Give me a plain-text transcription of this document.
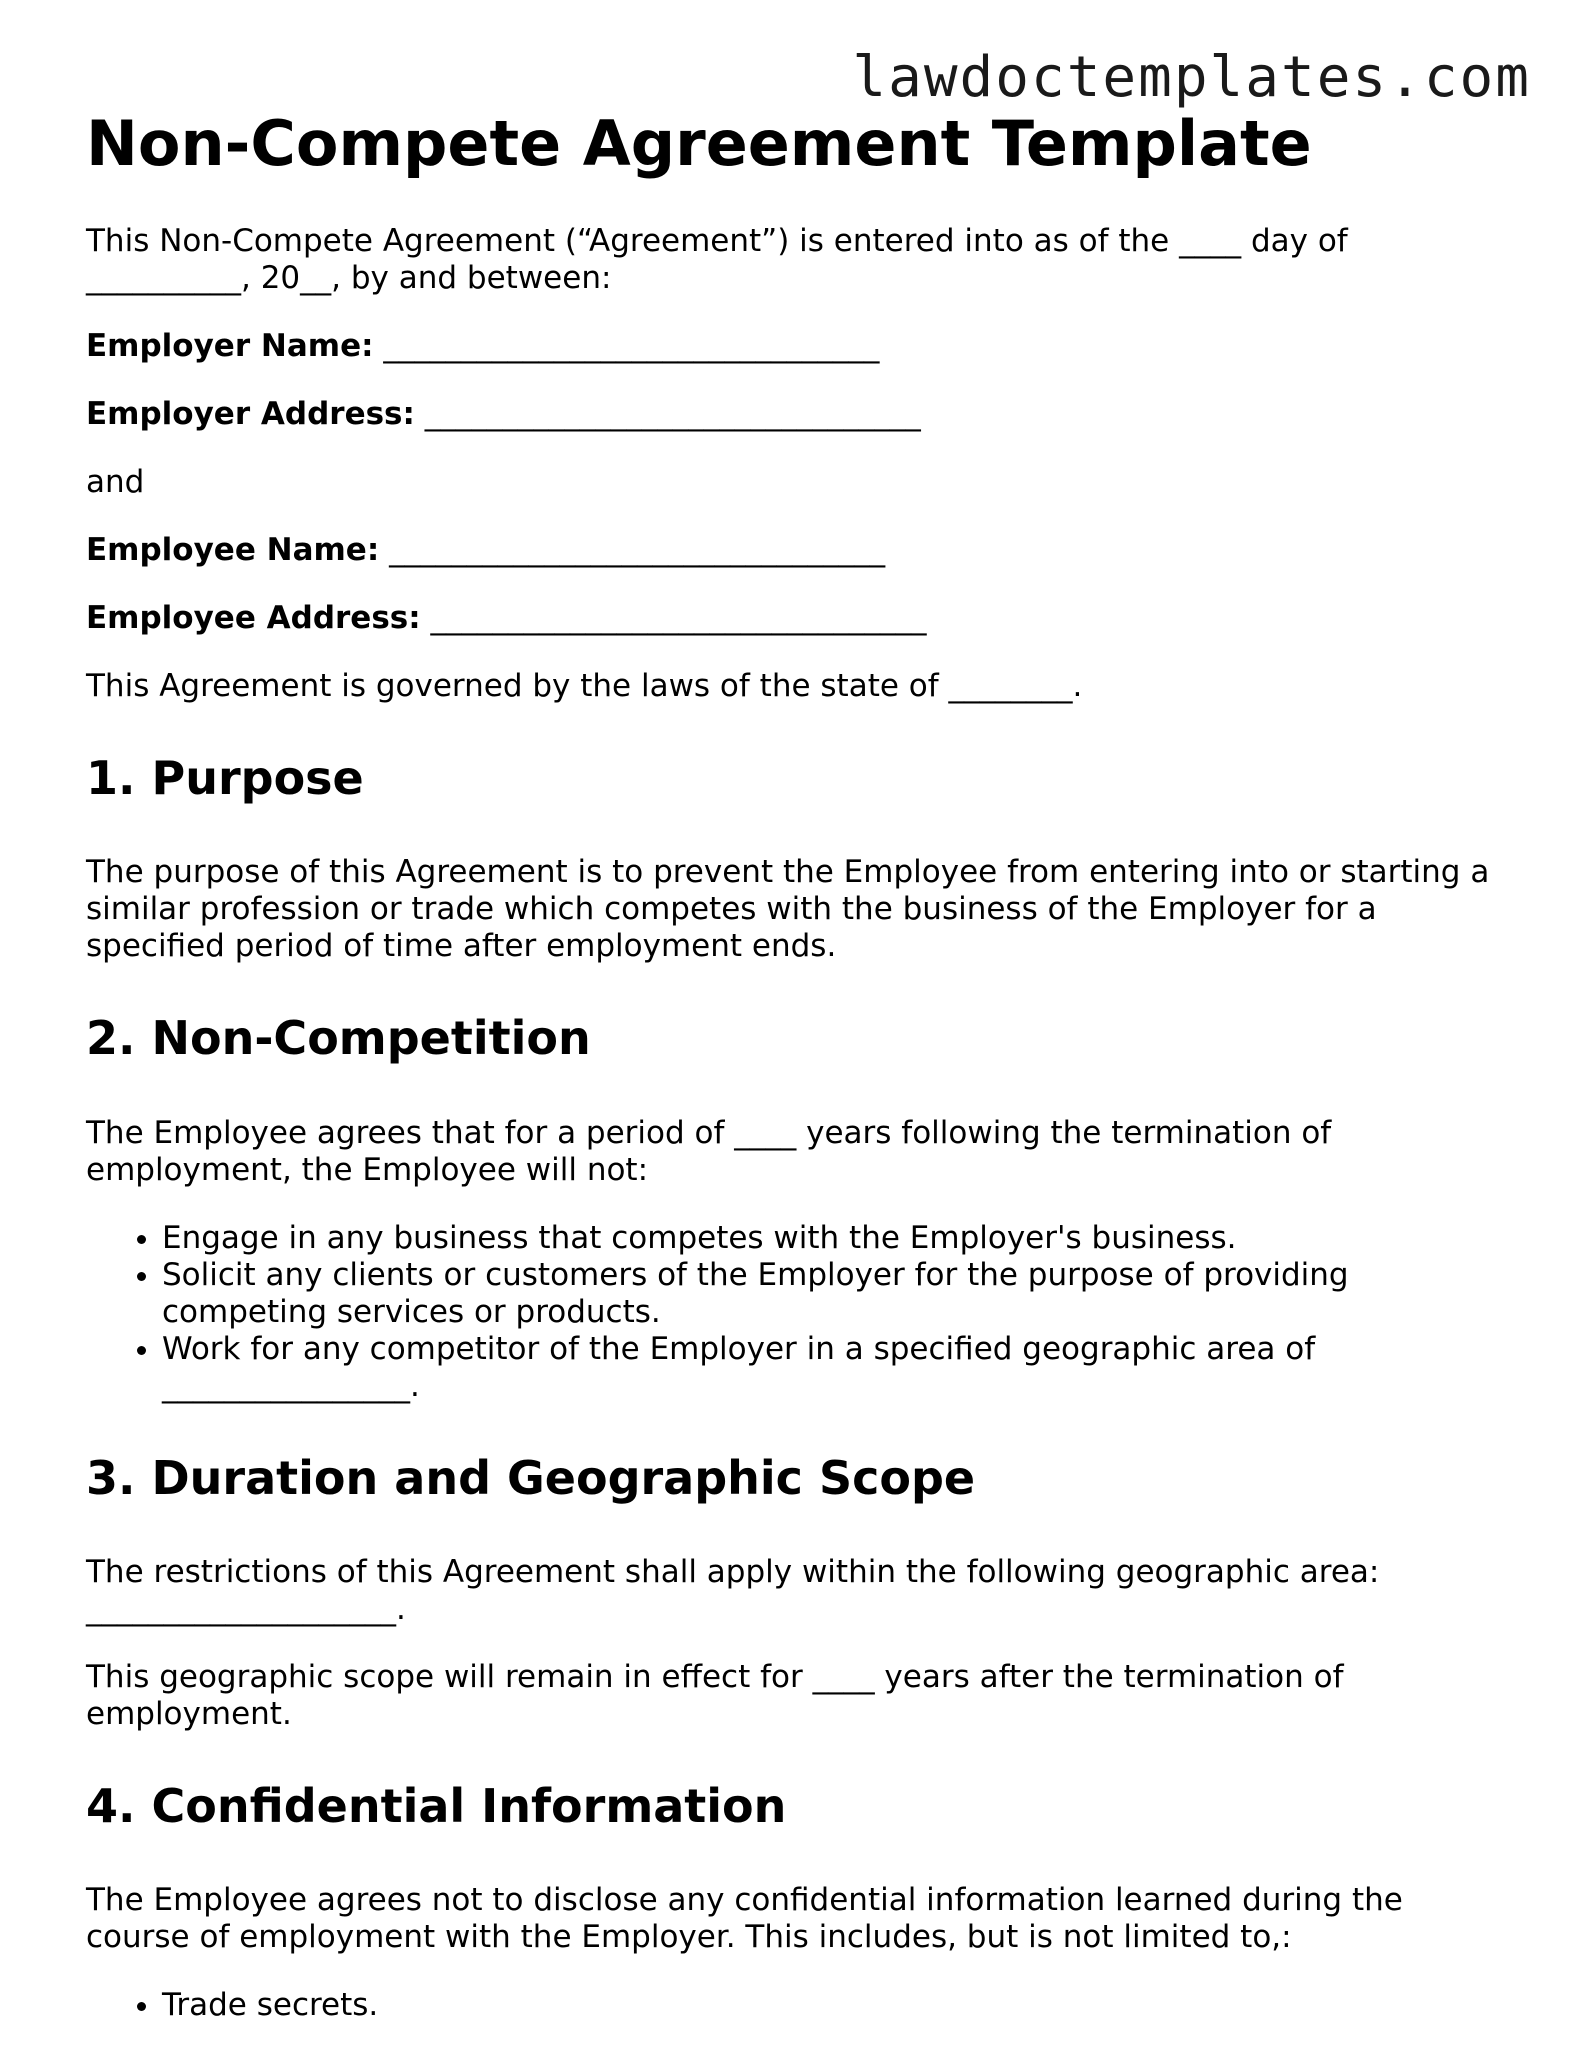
lawdoctemplates.com
Non-Compete Agreement Template

This Non-Compete Agreement (“Agreement”) is entered into as of the ____ day of __________, 20__, by and between:

Employer Name: ________________________________

Employer Address: ________________________________

and

Employee Name: ________________________________

Employee Address: ________________________________

This Agreement is governed by the laws of the state of ________.

1. Purpose

The purpose of this Agreement is to prevent the Employee from entering into or starting a similar profession or trade which competes with the business of the Employer for a specified period of time after employment ends.

2. Non-Competition

The Employee agrees that for a period of ____ years following the termination of employment, the Employee will not:

• Engage in any business that competes with the Employer's business.
• Solicit any clients or customers of the Employer for the purpose of providing competing services or products.
• Work for any competitor of the Employer in a specified geographic area of ________________.
3. Duration and Geographic Scope

The restrictions of this Agreement shall apply within the following geographic area: ____________________.

This geographic scope will remain in effect for ____ years after the termination of employment.

4. Confidential Information

The Employee agrees not to disclose any confidential information learned during the course of employment with the Employer. This includes, but is not limited to,:

• Trade secrets.
